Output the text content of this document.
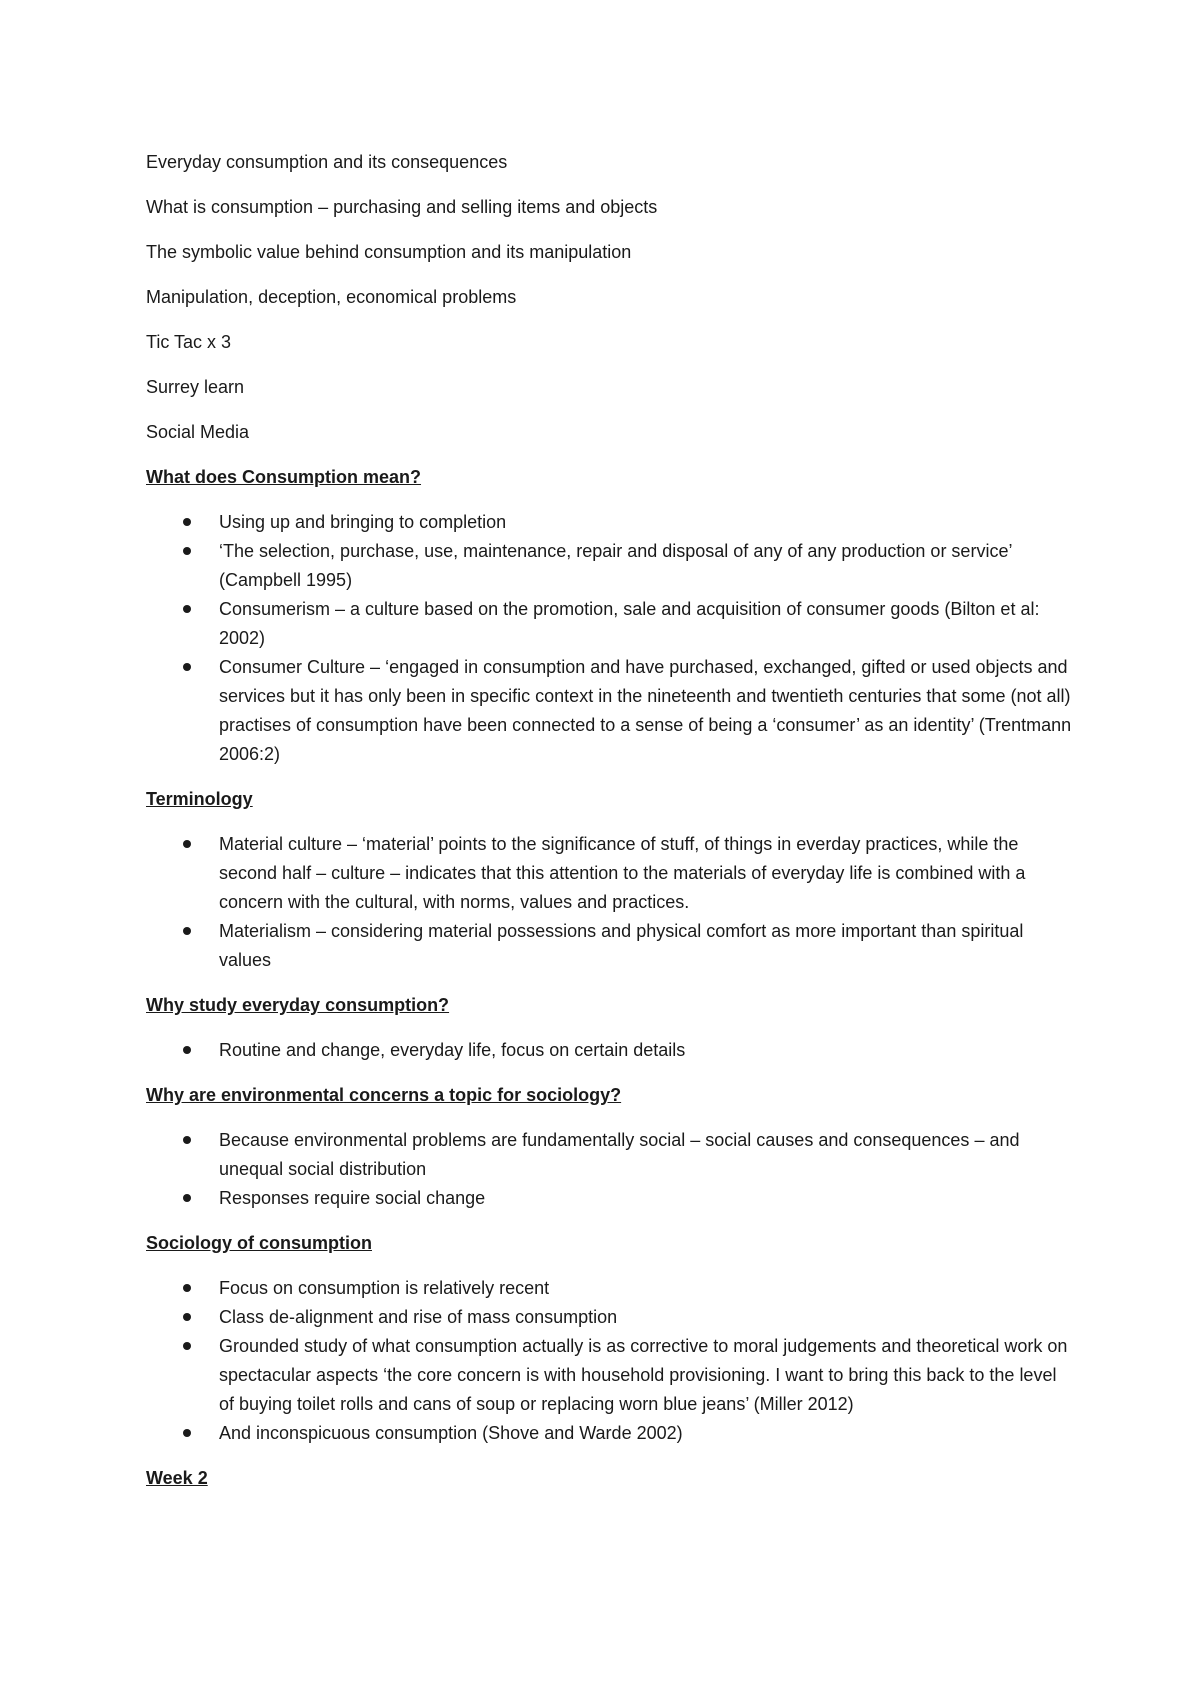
Everyday consumption and its consequences

What is consumption – purchasing and selling items and objects

The symbolic value behind consumption and its manipulation

Manipulation, deception, economical problems

Tic Tac x 3

Surrey learn

Social Media

What does Consumption mean?

Using up and bringing to completion
‘The selection, purchase, use, maintenance, repair and disposal of any of any production or service’ (Campbell 1995)
Consumerism – a culture based on the promotion, sale and acquisition of consumer goods (Bilton et al: 2002)
Consumer Culture – ‘engaged in consumption and have purchased, exchanged, gifted or used objects and services but it has only been in specific context in the nineteenth and twentieth centuries that some (not all) practises of consumption have been connected to a sense of being a ‘consumer’ as an identity’ (Trentmann 2006:2)

Terminology

Material culture – ‘material’ points to the significance of stuff, of things in everday practices, while the second half – culture – indicates that this attention to the materials of everyday life is combined with a concern with the cultural, with norms, values and practices.
Materialism – considering material possessions and physical comfort as more important than spiritual values

Why study everyday consumption?

Routine and change, everyday life, focus on certain details

Why are environmental concerns a topic for sociology?

Because environmental problems are fundamentally social – social causes and consequences – and unequal social distribution
Responses require social change

Sociology of consumption

Focus on consumption is relatively recent
Class de-alignment and rise of mass consumption
Grounded study of what consumption actually is as corrective to moral judgements and theoretical work on spectacular aspects ‘the core concern is with household provisioning. I want to bring this back to the level of buying toilet rolls and cans of soup or replacing worn blue jeans’ (Miller 2012)
And inconspicuous consumption (Shove and Warde 2002)

Week 2
